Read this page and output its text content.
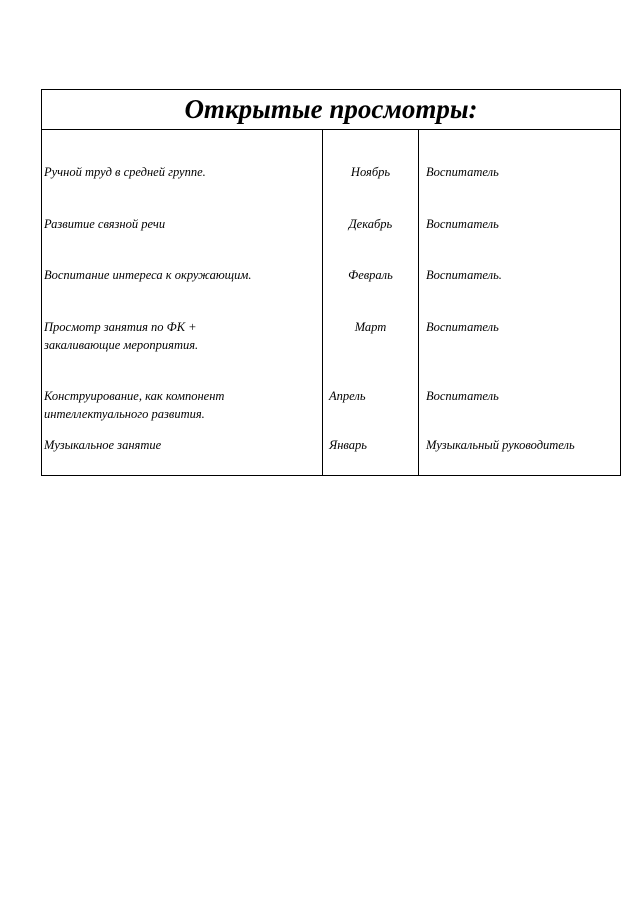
Открытые просмотры:
Ручной труд в средней группе.	Ноябрь	Воспитатель
Развитие связной речи	Декабрь	Воспитатель
Воспитание интереса к окружающим.	Февраль	Воспитатель.
Просмотр занятия по ФК +
закаливающие мероприятия.
Март	Воспитатель
Конструирование, как компонент
интеллектуального развития.
Апрель	Воспитатель
Музыкальное занятие	Январь	Музыкальный руководитель
